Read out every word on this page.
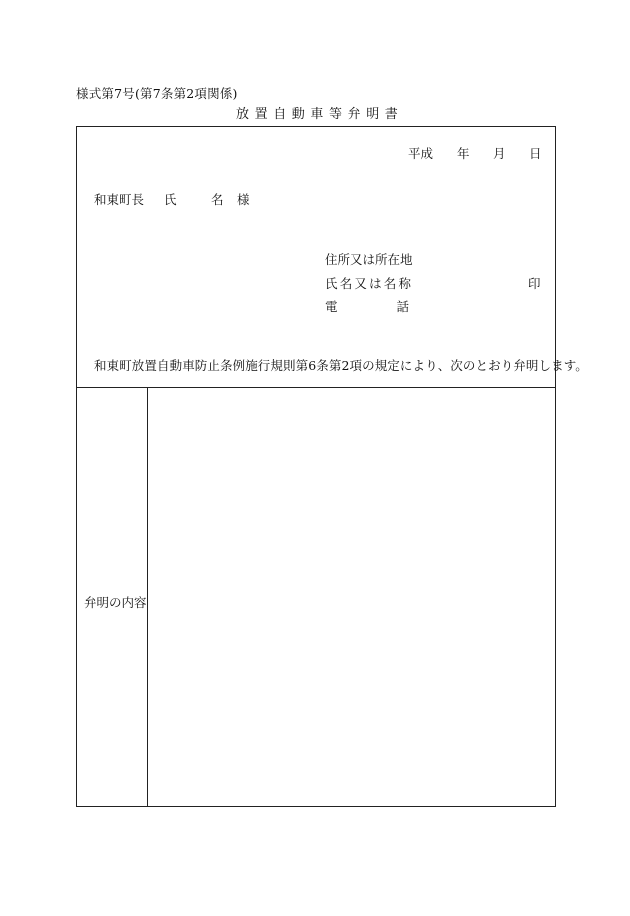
様式第7号(第7条第2項関係)
放置自動車等弁明書
平成 年 月 日
和東町長 氏	名 様
住所又は所在地
氏名又は名称	印
電	話
和東町放置自動車防止条例施行規則第6条第2項の規定により、次のとおり弁明します。
弁明の内容
